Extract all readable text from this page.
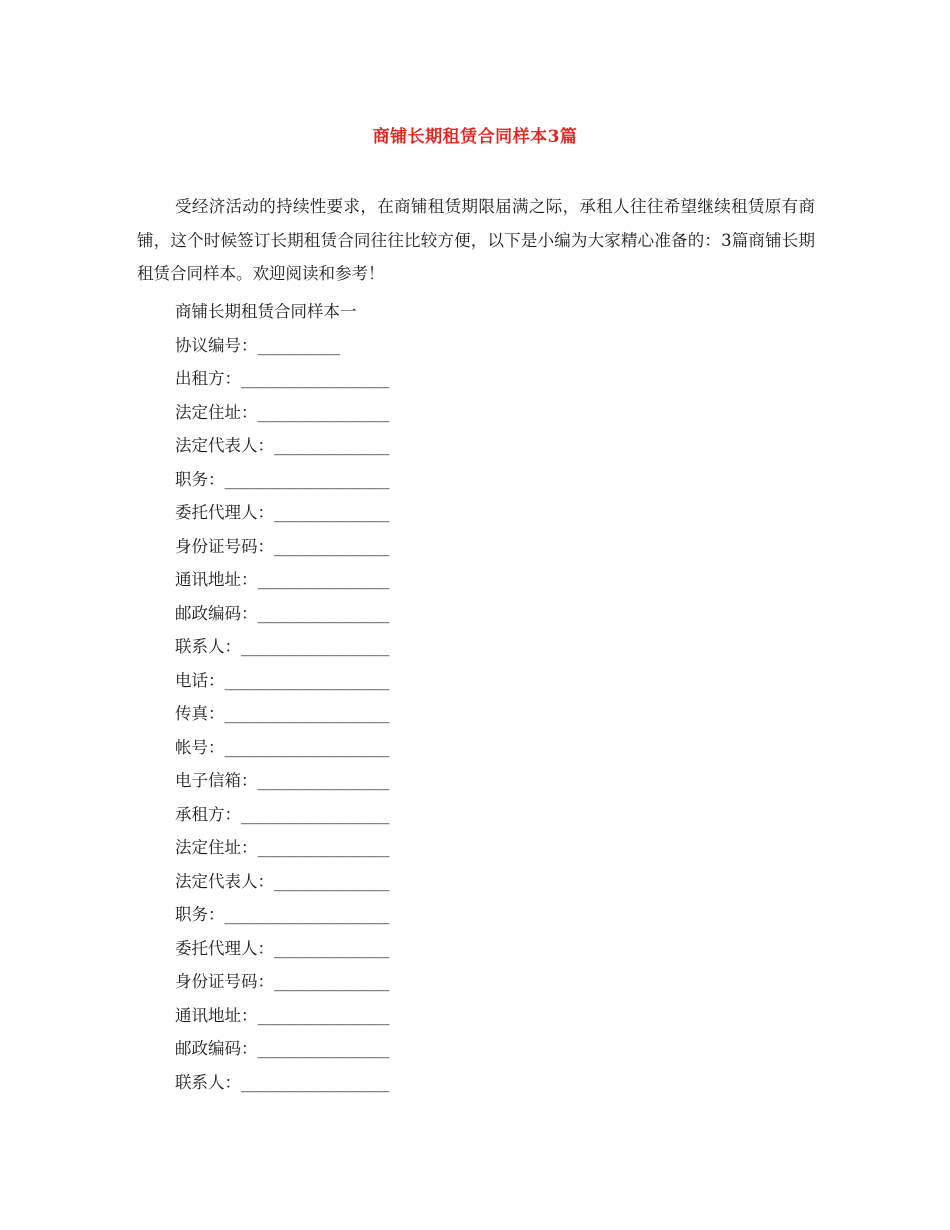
商铺长期租赁合同样本3篇

受经济活动的持续性要求，在商铺租赁期限届满之际，承租人往往希望继续租赁原有商铺，这个时候签订长期租赁合同往往比较方便，以下是小编为大家精心准备的：3篇商铺长期租赁合同样本。欢迎阅读和参考！

商铺长期租赁合同样本一
协议编号：__________
出租方：__________________
法定住址：________________
法定代表人：______________
职务：____________________
委托代理人：______________
身份证号码：______________
通讯地址：________________
邮政编码：________________
联系人：__________________
电话：____________________
传真：____________________
帐号：____________________
电子信箱：________________
承租方：__________________
法定住址：________________
法定代表人：______________
职务：____________________
委托代理人：______________
身份证号码：______________
通讯地址：________________
邮政编码：________________
联系人：__________________
